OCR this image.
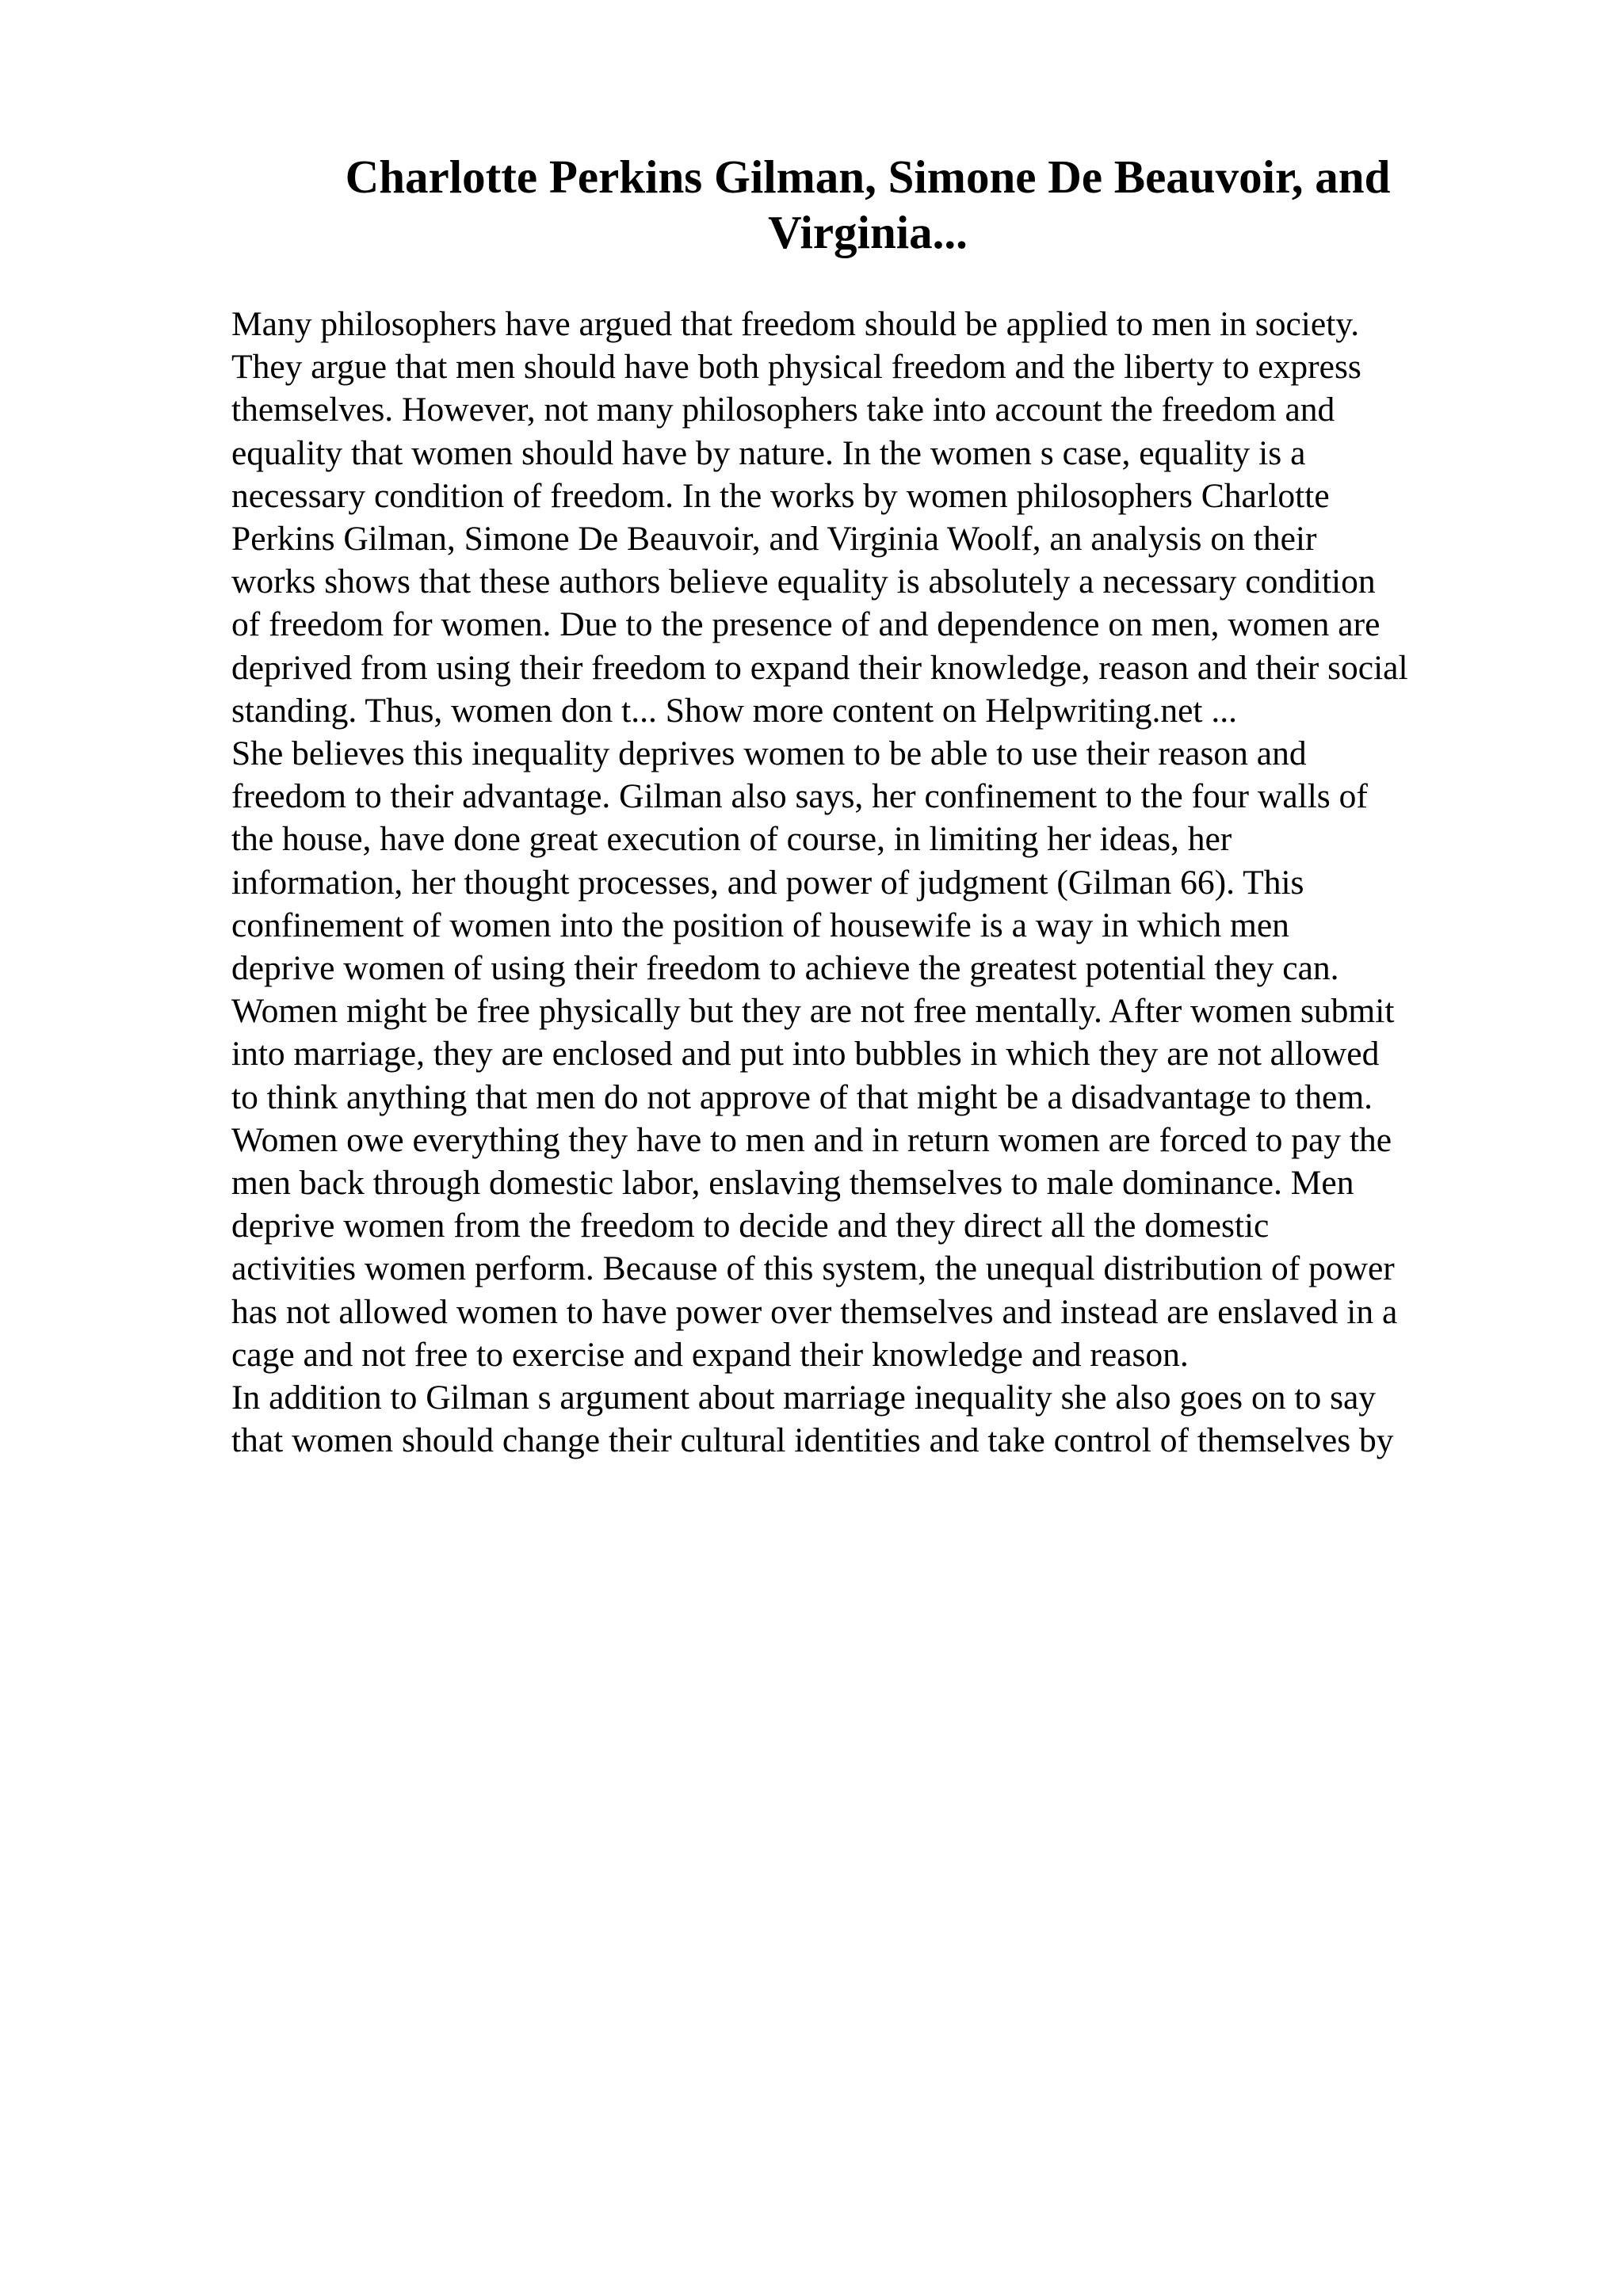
Charlotte Perkins Gilman, Simone De Beauvoir, and
Virginia...
Many philosophers have argued that freedom should be applied to men in society.
They argue that men should have both physical freedom and the liberty to express
themselves. However, not many philosophers take into account the freedom and
equality that women should have by nature. In the women s case, equality is a
necessary condition of freedom. In the works by women philosophers Charlotte
Perkins Gilman, Simone De Beauvoir, and Virginia Woolf, an analysis on their
works shows that these authors believe equality is absolutely a necessary condition
of freedom for women. Due to the presence of and dependence on men, women are
deprived from using their freedom to expand their knowledge, reason and their social
standing. Thus, women don t... Show more content on Helpwriting.net ...
She believes this inequality deprives women to be able to use their reason and
freedom to their advantage. Gilman also says, her confinement to the four walls of
the house, have done great execution of course, in limiting her ideas, her
information, her thought processes, and power of judgment (Gilman 66). This
confinement of women into the position of housewife is a way in which men
deprive women of using their freedom to achieve the greatest potential they can.
Women might be free physically but they are not free mentally. After women submit
into marriage, they are enclosed and put into bubbles in which they are not allowed
to think anything that men do not approve of that might be a disadvantage to them.
Women owe everything they have to men and in return women are forced to pay the
men back through domestic labor, enslaving themselves to male dominance. Men
deprive women from the freedom to decide and they direct all the domestic
activities women perform. Because of this system, the unequal distribution of power
has not allowed women to have power over themselves and instead are enslaved in a
cage and not free to exercise and expand their knowledge and reason.
In addition to Gilman s argument about marriage inequality she also goes on to say
that women should change their cultural identities and take control of themselves by
